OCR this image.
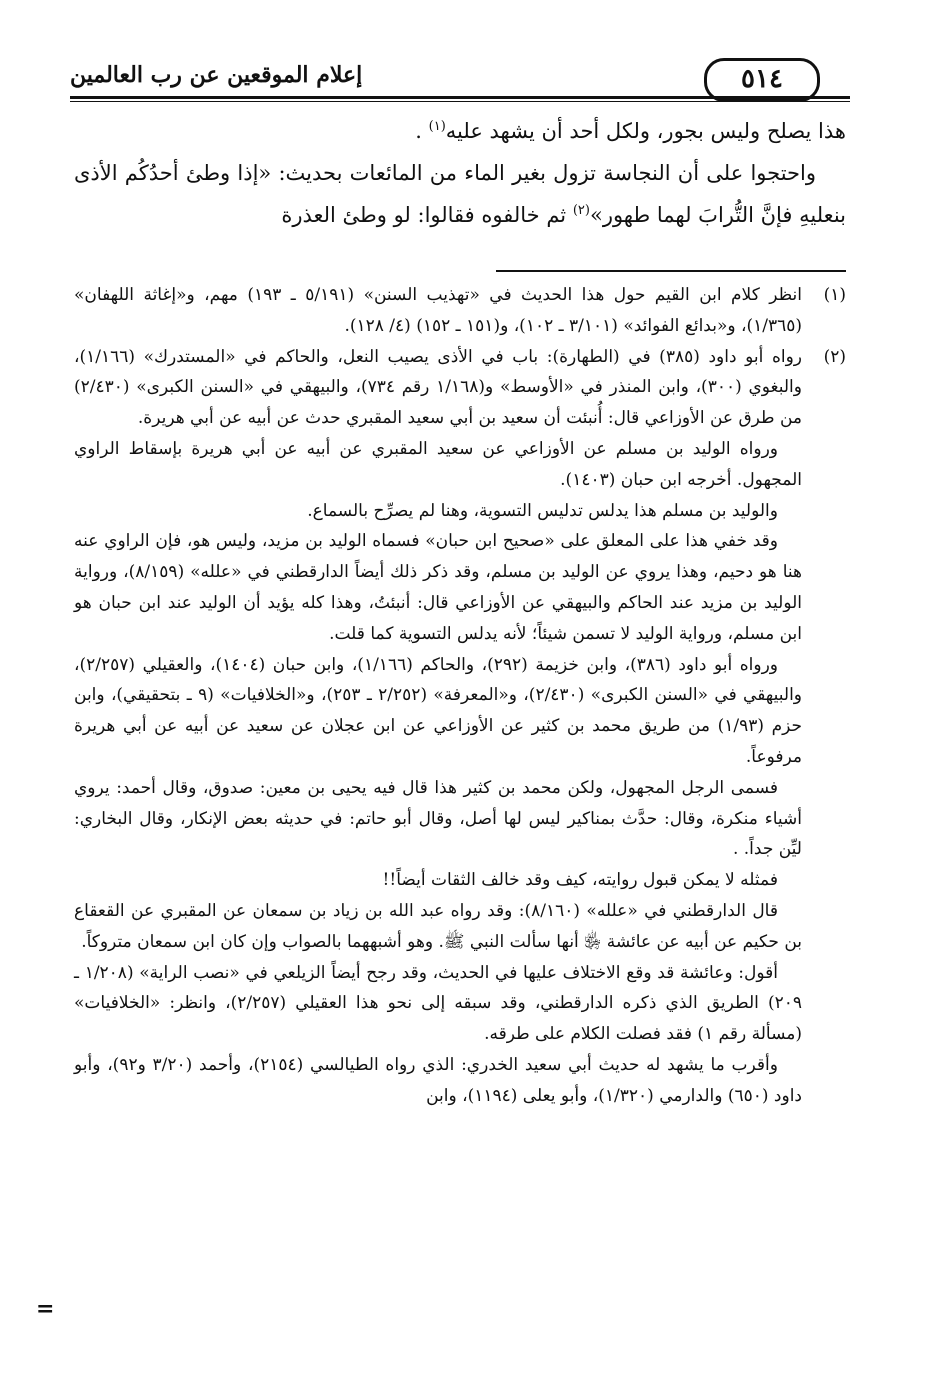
إعلام الموقعين عن رب العالمين	٥١٤

هذا يصلح وليس بجور، ولكل أحد أن يشهد عليه$^{(١)}$ .

واحتجوا على أن النجاسة تزول بغير الماء من المائعات بحديث: «إذا وطئ أحدُكُم الأذى بنعليهِ فإنَّ التُّرابَ لهما طهور»$^{(٢)}$ ثم خالفوه فقالوا: لو وطئ العذرة

(١)

انظر كلام ابن القيم حول هذا الحديث في «تهذيب السنن» (٥/١٩١ ـ ١٩٣) مهم، و«إغاثة اللهفان» (١/٣٦٥)، و«بدائع الفوائد» (٣/١٠١ ـ ١٠٢)، و(١٥١ ـ ١٥٢) (٤/ ١٢٨).

(٢)

رواه أبو داود (٣٨٥) في (الطهارة): باب في الأذى يصيب النعل، والحاكم في «المستدرك» (١/١٦٦)، والبغوي (٣٠٠)، وابن المنذر في «الأوسط» و(١/١٦٨ رقم ٧٣٤)، والبيهقي في «السنن الكبرى» (٢/٤٣٠) من طرق عن الأوزاعي قال: أُنبئت أن سعيد بن أبي سعيد المقبري حدث عن أبيه عن أبي هريرة.

ورواه الوليد بن مسلم عن الأوزاعي عن سعيد المقبري عن أبيه عن أبي هريرة بإسقاط الراوي المجهول. أخرجه ابن حبان (١٤٠٣).

والوليد بن مسلم هذا يدلس تدليس التسوية، وهنا لم يصرِّح بالسماع.

وقد خفي هذا على المعلق على «صحيح ابن حبان» فسماه الوليد بن مزيد، وليس هو، فإن الراوي عنه هنا هو دحيم، وهذا يروي عن الوليد بن مسلم، وقد ذكر ذلك أيضاً الدارقطني في «علله» (٨/١٥٩)، ورواية الوليد بن مزيد عند الحاكم والبيهقي عن الأوزاعي قال: أنبئتُ، وهذا كله يؤيد أن الوليد عند ابن حبان هو ابن مسلم، ورواية الوليد لا تسمن شيئاً؛ لأنه يدلس التسوية كما قلت.

ورواه أبو داود (٣٨٦)، وابن خزيمة (٢٩٢)، والحاكم (١/١٦٦)، وابن حبان (١٤٠٤)، والعقيلي (٢/٢٥٧)، والبيهقي في «السنن الكبرى» (٢/٤٣٠)، و«المعرفة» (٢/٢٥٢ ـ ٢٥٣)، و«الخلافيات» (٩ ـ بتحقيقي)، وابن حزم (١/٩٣) من طريق محمد بن كثير عن الأوزاعي عن ابن عجلان عن سعيد عن أبيه عن أبي هريرة مرفوعاً.

فسمى الرجل المجهول، ولكن محمد بن كثير هذا قال فيه يحيى بن معين: صدوق، وقال أحمد: يروي أشياء منكرة، وقال: حدَّث بمناكير ليس لها أصل، وقال أبو حاتم: في حديثه بعض الإنكار، وقال البخاري: ليِّن جداً. .

فمثله لا يمكن قبول روايته، كيف وقد خالف الثقات أيضاً!!

قال الدارقطني في «علله» (٨/١٦٠): وقد رواه عبد الله بن زياد بن سمعان عن المقبري عن القعقاع بن حكيم عن أبيه عن عائشة ﵂ أنها سألت النبي ﷺ. وهو أشبههما بالصواب وإن كان ابن سمعان متروكاً.

أقول: وعائشة قد وقع الاختلاف عليها في الحديث، وقد رجح أيضاً الزيلعي في «نصب الراية» (١/٢٠٨ ـ ٢٠٩) الطريق الذي ذكره الدارقطني، وقد سبقه إلى نحو هذا العقيلي (٢/٢٥٧)، وانظر: «الخلافيات» (مسألة رقم ١) فقد فصلت الكلام على طرقه.

وأقرب ما يشهد له حديث أبي سعيد الخدري: الذي رواه الطيالسي (٢١٥٤)، وأحمد (٣/٢٠ و٩٢)، وأبو داود (٦٥٠) والدارمي (١/٣٢٠)، وأبو يعلى (١١٩٤)، وابن

=
